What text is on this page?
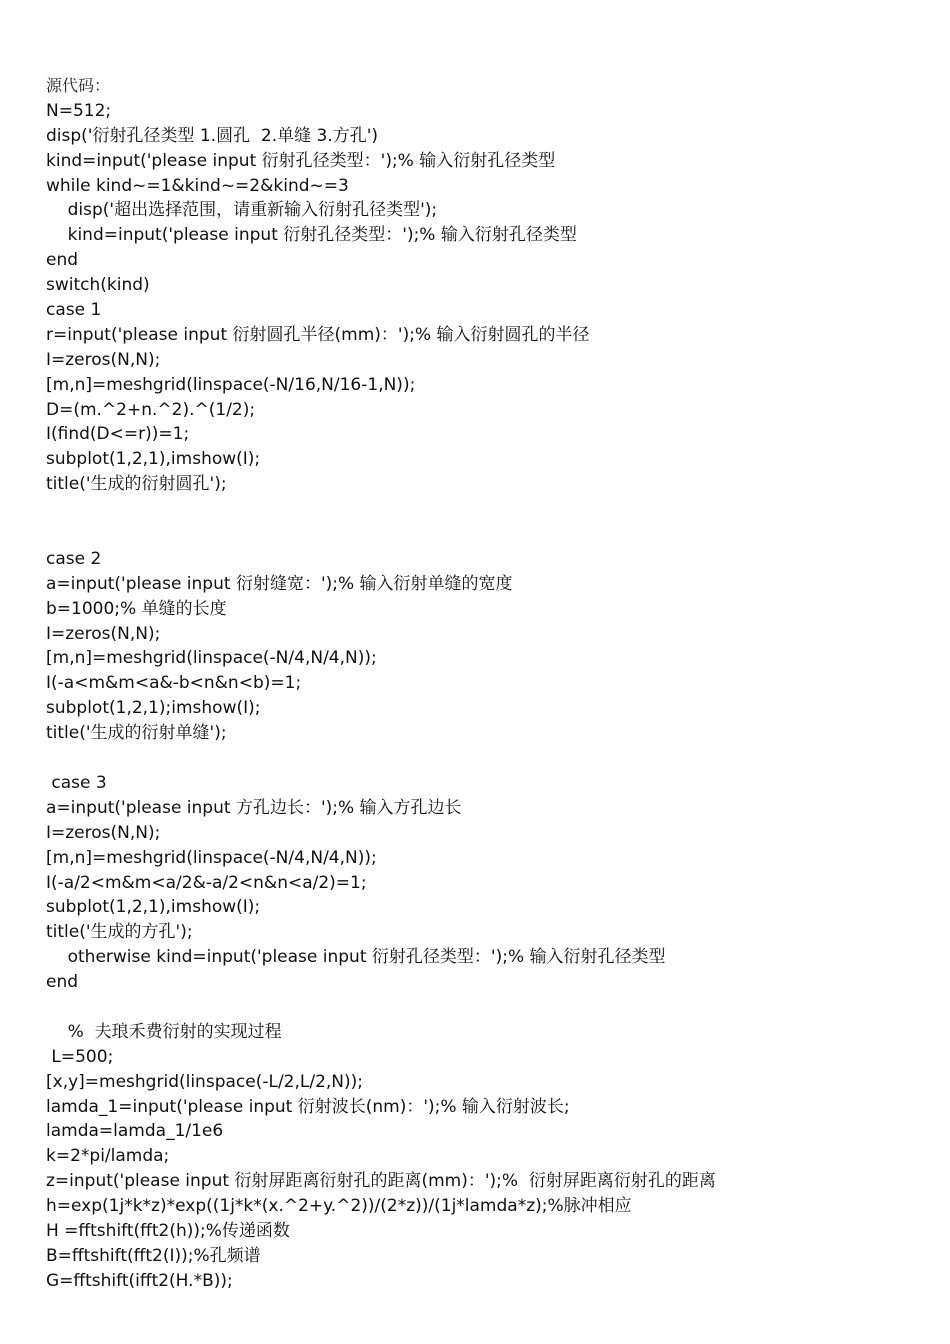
源代码：
N=512;
disp('衍射孔径类型 1.圆孔  2.单缝 3.方孔')
kind=input('please input 衍射孔径类型：');% 输入衍射孔径类型
while kind~=1&kind~=2&kind~=3
disp('超出选择范围，请重新输入衍射孔径类型');
kind=input('please input 衍射孔径类型：');% 输入衍射孔径类型
end
switch(kind)
case 1
r=input('please input 衍射圆孔半径(mm)：');% 输入衍射圆孔的半径
I=zeros(N,N);
[m,n]=meshgrid(linspace(-N/16,N/16-1,N));
D=(m.^2+n.^2).^(1/2);
I(find(D<=r))=1;
subplot(1,2,1),imshow(I);
title('生成的衍射圆孔');
case 2
a=input('please input 衍射缝宽：');% 输入衍射单缝的宽度
b=1000;% 单缝的长度
I=zeros(N,N);
[m,n]=meshgrid(linspace(-N/4,N/4,N));
I(-a<m&m<a&-b<n&n<b)=1;
subplot(1,2,1);imshow(I);
title('生成的衍射单缝');
case 3
a=input('please input 方孔边长：');% 输入方孔边长
I=zeros(N,N);
[m,n]=meshgrid(linspace(-N/4,N/4,N));
I(-a/2<m&m<a/2&-a/2<n&n<a/2)=1;
subplot(1,2,1),imshow(I);
title('生成的方孔');
otherwise kind=input('please input 衍射孔径类型：');% 输入衍射孔径类型
end
%  夫琅禾费衍射的实现过程
L=500;
[x,y]=meshgrid(linspace(-L/2,L/2,N));
lamda_1=input('please input 衍射波长(nm)：');% 输入衍射波长;
lamda=lamda_1/1e6
k=2*pi/lamda;
z=input('please input 衍射屏距离衍射孔的距离(mm)：');%  衍射屏距离衍射孔的距离
h=exp(1j*k*z)*exp((1j*k*(x.^2+y.^2))/(2*z))/(1j*lamda*z);%脉冲相应
H =fftshift(fft2(h));%传递函数
B=fftshift(fft2(I));%孔频谱
G=fftshift(ifft2(H.*B));
